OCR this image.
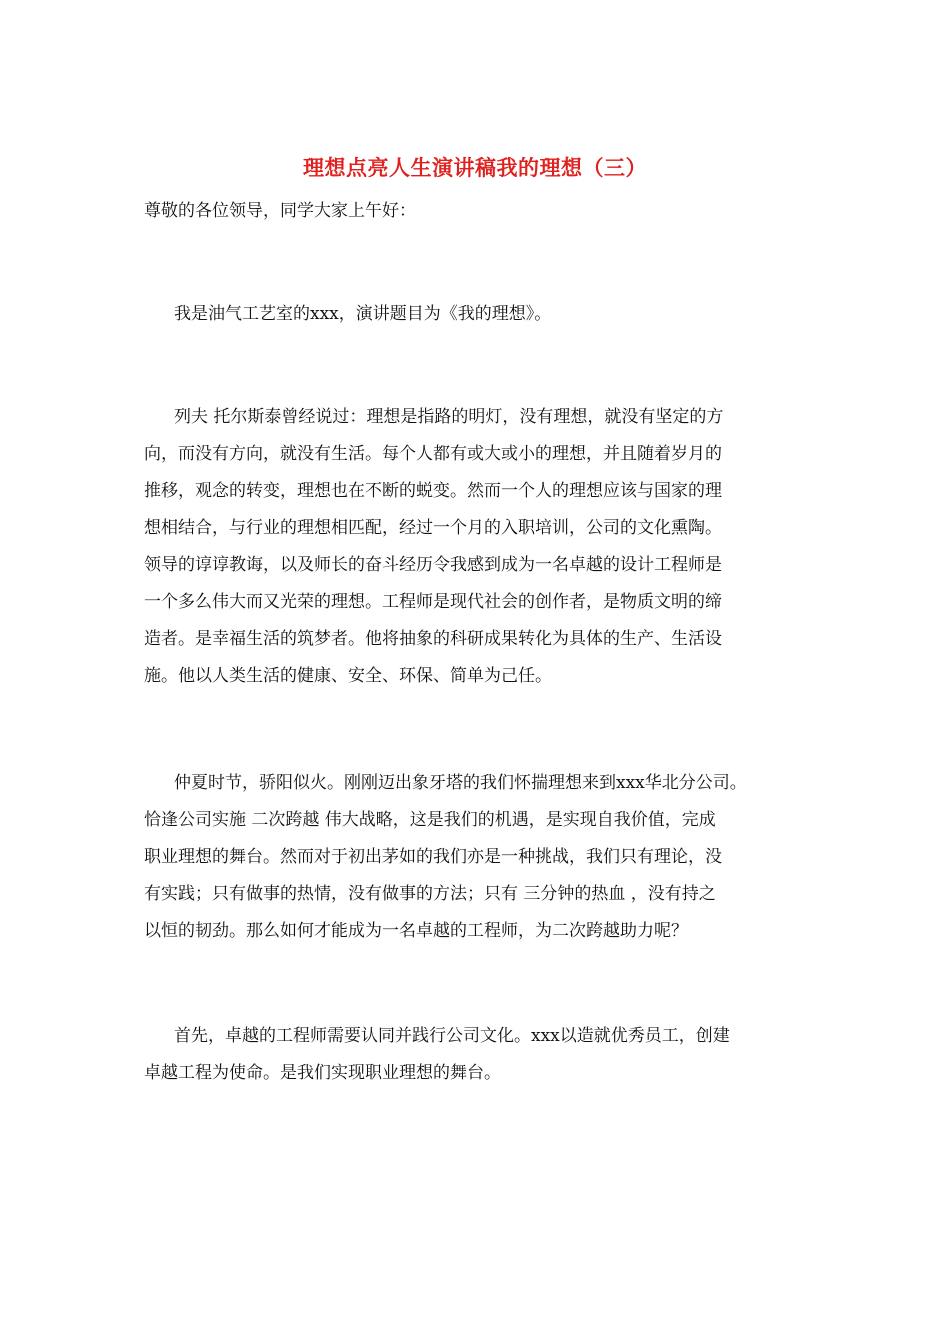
理想点亮人生演讲稿我的理想（三）
尊敬的各位领导，同学大家上午好：
我是油气工艺室的xxx，演讲题目为《我的理想》。
列夫 托尔斯泰曾经说过：理想是指路的明灯，没有理想，就没有坚定的方
向，而没有方向，就没有生活。每个人都有或大或小的理想，并且随着岁月的
推移，观念的转变，理想也在不断的蜕变。然而一个人的理想应该与国家的理
想相结合，与行业的理想相匹配，经过一个月的入职培训，公司的文化熏陶。
领导的谆谆教诲，以及师长的奋斗经历令我感到成为一名卓越的设计工程师是
一个多么伟大而又光荣的理想。工程师是现代社会的创作者，是物质文明的缔
造者。是幸福生活的筑梦者。他将抽象的科研成果转化为具体的生产、生活设
施。他以人类生活的健康、安全、环保、简单为己任。
仲夏时节，骄阳似火。刚刚迈出象牙塔的我们怀揣理想来到xxx华北分公司。
恰逢公司实施 二次跨越 伟大战略，这是我们的机遇，是实现自我价值，完成
职业理想的舞台。然而对于初出茅如的我们亦是一种挑战，我们只有理论，没
有实践；只有做事的热情，没有做事的方法；只有 三分钟的热血 ，没有持之
以恒的韧劲。那么如何才能成为一名卓越的工程师，为二次跨越助力呢？
首先，卓越的工程师需要认同并践行公司文化。xxx以造就优秀员工，创建
卓越工程为使命。是我们实现职业理想的舞台。
